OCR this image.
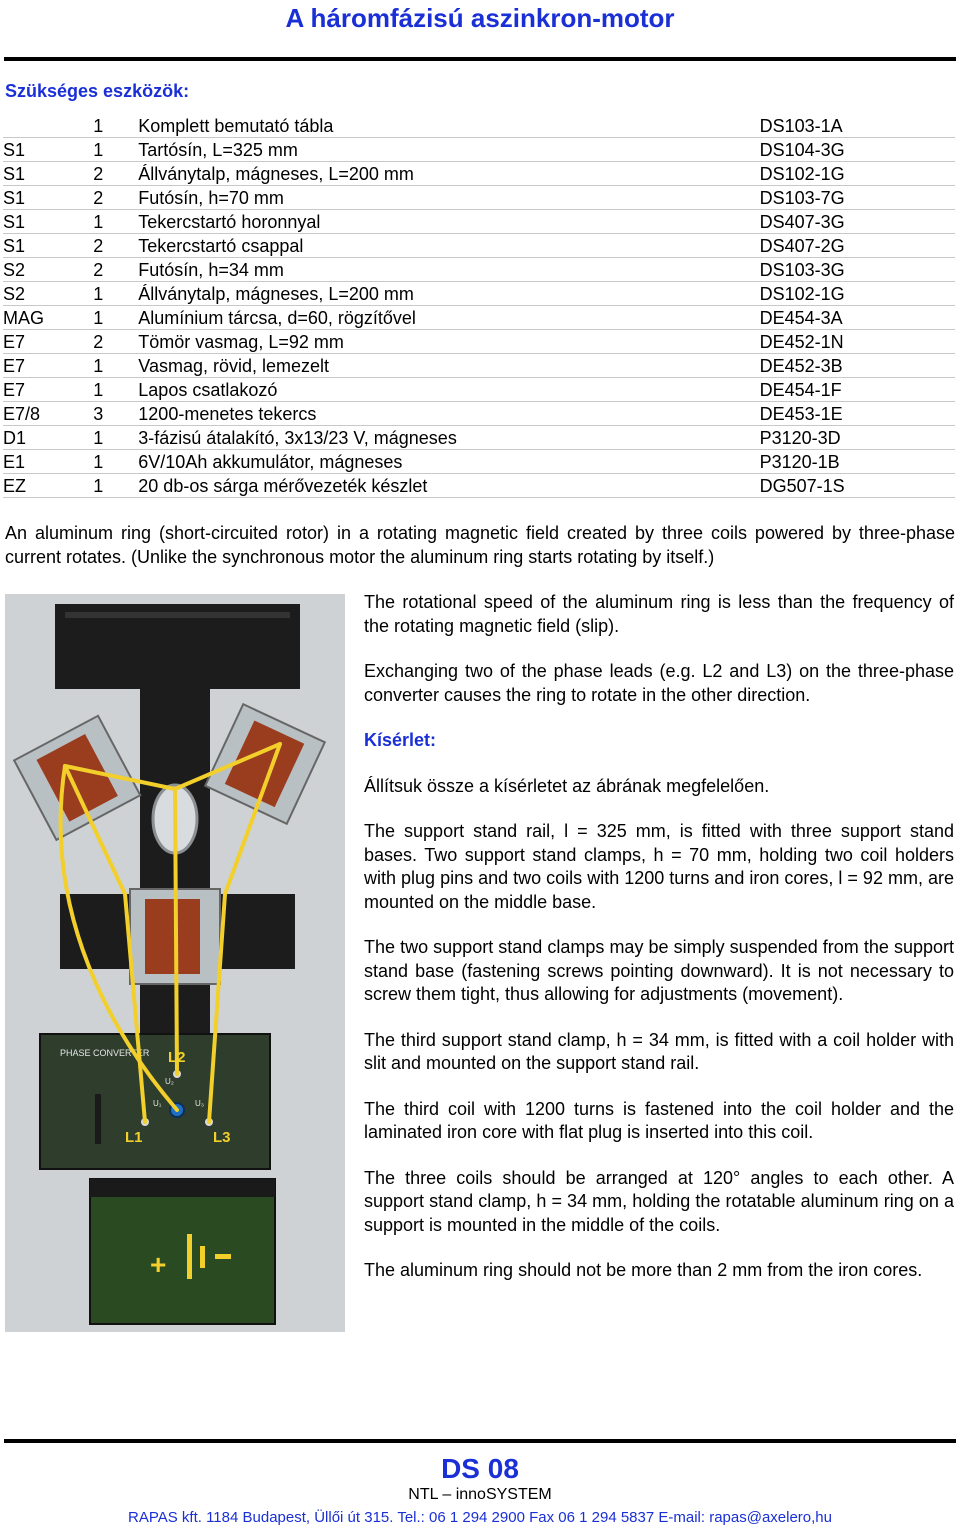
A háromfázisú aszinkron-motor
Szükséges eszközök:
	1	Komplett bemutató tábla	DS103-1A
S1	1	Tartósín, L=325 mm	DS104-3G
S1	2	Állványtalp, mágneses, L=200 mm	DS102-1G
S1	2	Futósín, h=70 mm	DS103-7G
S1	1	Tekercstartó horonnyal	DS407-3G
S1	2	Tekercstartó csappal	DS407-2G
S2	2	Futósín, h=34 mm	DS103-3G
S2	1	Állványtalp, mágneses, L=200 mm	DS102-1G
MAG	1	Alumínium tárcsa, d=60, rögzítővel	DE454-3A
E7	2	Tömör vasmag, L=92 mm	DE452-1N
E7	1	Vasmag, rövid, lemezelt	DE452-3B
E7	1	Lapos csatlakozó	DE454-1F
E7/8	3	1200-menetes tekercs	DE453-1E
D1	1	3-fázisú átalakító, 3x13/23 V, mágneses	P3120-3D
E1	1	6V/10Ah akkumulátor, mágneses	P3120-1B
EZ	1	20 db-os sárga mérővezeték készlet	DG507-1S

An aluminum ring (short-circuited rotor) in a rotating magnetic field created by three coils powered by three-phase current rotates. (Unlike the synchronous motor the aluminum ring starts rotating by itself.)

PHASE CONVERTER
L1
L2
L3
U₁
U₂
U₃
+

The rotational speed of the aluminum ring is less than the frequency of the rotating magnetic field (slip).

Exchanging two of the phase leads (e.g. L2 and L3) on the three-phase converter causes the ring to rotate in the other direction.

Kísérlet:

Állítsuk össze a kísérletet az ábrának megfelelően.

The support stand rail, l = 325 mm, is fitted with three support stand bases. Two support stand clamps, h = 70 mm, holding two coil holders with plug pins and two coils with 1200 turns and iron cores, l = 92 mm, are mounted on the middle base.

The two support stand clamps may be simply suspended from the support stand base (fastening screws pointing downward). It is not necessary to screw them tight, thus allowing for adjustments (movement).

The third support stand clamp, h = 34 mm, is fitted with a coil holder with slit and mounted on the support stand rail.

The third coil with 1200 turns is fastened into the coil holder and the laminated iron core with flat plug is inserted into this coil.

The three coils should be arranged at 120° angles to each other. A support stand clamp, h = 34 mm, holding the rotatable aluminum ring on a support is mounted in the middle of the coils.

The aluminum ring should not be more than 2 mm from the iron cores.

DS 08
NTL – innoSYSTEM
RAPAS kft. 1184 Budapest, Üllői út 315. Tel.: 06 1 294 2900 Fax 06 1 294 5837 E-mail: rapas@axelero,hu
